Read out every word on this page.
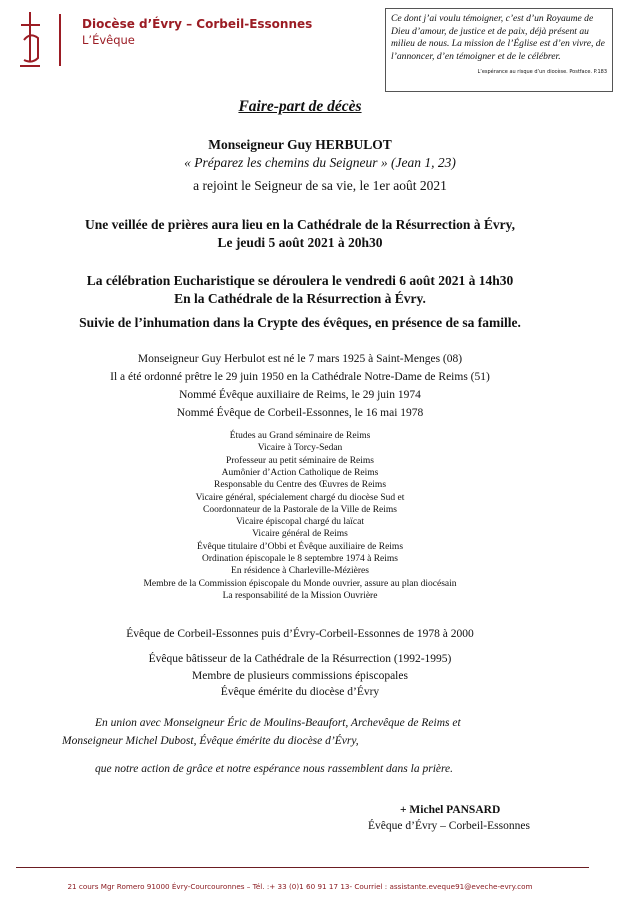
Diocèse d’Évry – Corbeil-Essonnes
L’Évêque
Ce dont j’ai voulu témoigner, c’est d’un Royaume de Dieu d’amour, de justice et de paix, déjà présent au milieu de nous. La mission de l’Église est d’en vivre, de l’annoncer, d’en témoigner et de le célébrer.
L’espérance au risque d’un diocèse. Postface. P.183
Faire-part de décès
Monseigneur Guy HERBULOT
« Préparez les chemins du Seigneur » (Jean 1, 23)
a rejoint le Seigneur de sa vie, le 1er août 2021
Une veillée de prières aura lieu en la Cathédrale de la Résurrection à Évry,
Le jeudi 5 août 2021 à 20h30
La célébration Eucharistique se déroulera le vendredi 6 août 2021 à 14h30
En la Cathédrale de la Résurrection à Évry.
Suivie de l’inhumation dans la Crypte des évêques, en présence de sa famille.
Monseigneur Guy Herbulot est né le 7 mars 1925 à Saint-Menges (08)
Il a été ordonné prêtre le 29 juin 1950 en la Cathédrale Notre-Dame de Reims (51)
Nommé Évêque auxiliaire de Reims, le 29 juin 1974
Nommé Évêque de Corbeil-Essonnes, le 16 mai 1978
Études au Grand séminaire de Reims
Vicaire à Torcy-Sedan
Professeur au petit séminaire de Reims
Aumônier d’Action Catholique de Reims
Responsable du Centre des Œuvres de Reims
Vicaire général, spécialement chargé du diocèse Sud et
Coordonnateur de la Pastorale de la Ville de Reims
Vicaire épiscopal chargé du laïcat
Vicaire général de Reims
Évêque titulaire d’Obbi et Évêque auxiliaire de Reims
Ordination épiscopale le 8 septembre 1974 à Reims
En résidence à Charleville-Mézières
Membre de la Commission épiscopale du Monde ouvrier, assure au plan diocésain
La responsabilité de la Mission Ouvrière
Évêque de Corbeil-Essonnes puis d’Évry-Corbeil-Essonnes de 1978 à 2000
Évêque bâtisseur de la Cathédrale de la Résurrection (1992-1995)
Membre de plusieurs commissions épiscopales
Évêque émérite du diocèse d’Évry
En union avec Monseigneur Éric de Moulins-Beaufort, Archevêque de Reims et
Monseigneur Michel Dubost, Évêque émérite du diocèse d’Évry,
que notre action de grâce et notre espérance nous rassemblent dans la prière.
+ Michel PANSARD
Évêque d’Évry – Corbeil-Essonnes
21 cours Mgr Romero 91000 Évry-Courcouronnes – Tél. :+ 33 (0)1 60 91 17 13- Courriel : assistante.eveque91@eveche-evry.com
